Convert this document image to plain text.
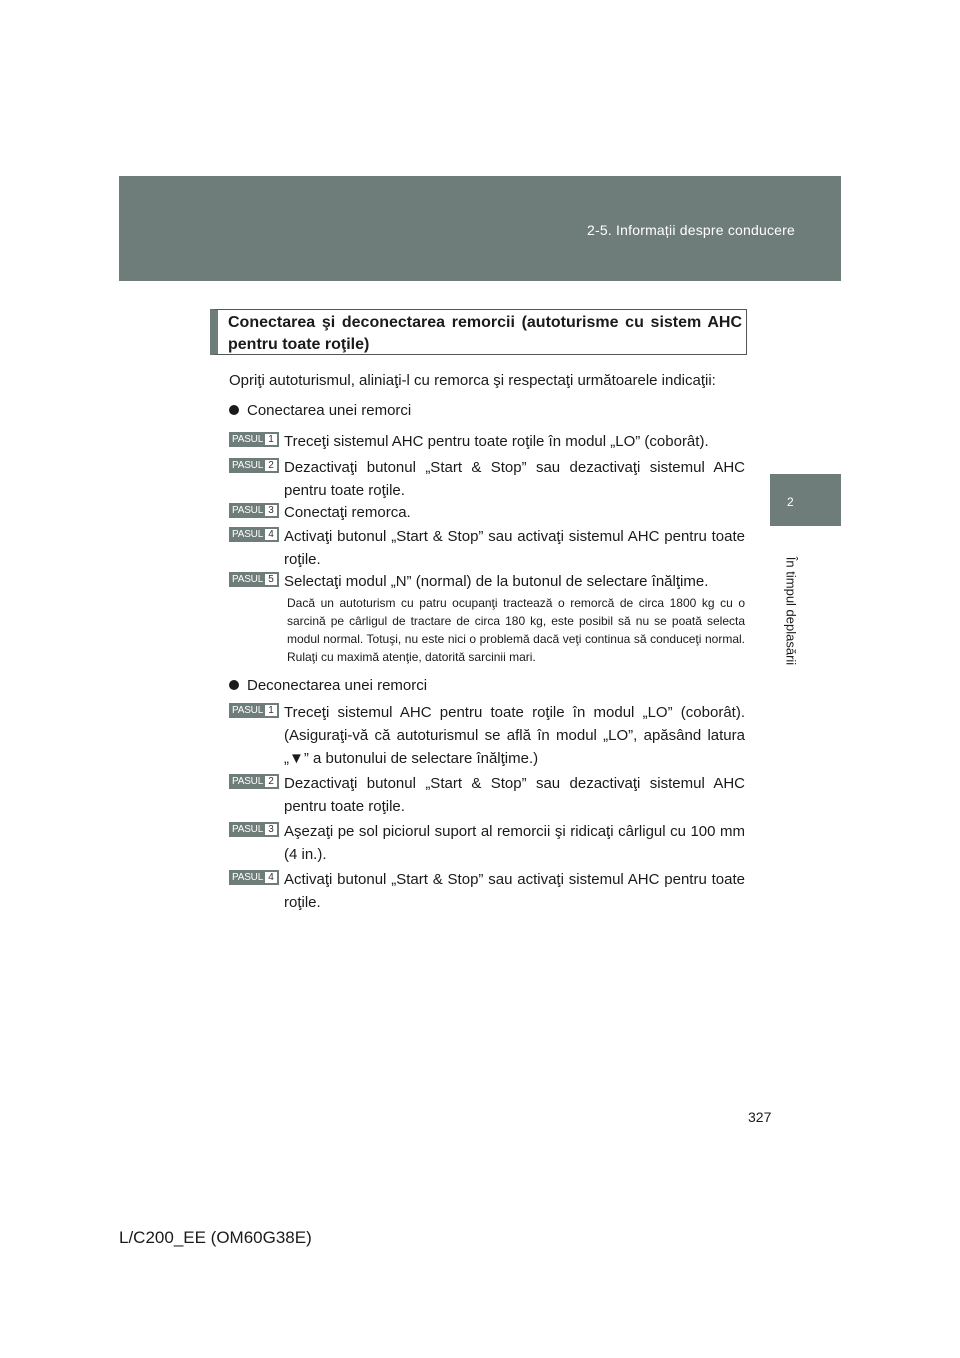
2-5. Informații despre conducere
2
În timpul deplasării
Conectarea şi deconectarea remorcii (autoturisme cu sistem AHC pentru toate roţile)
Opriţi autoturismul, aliniaţi-l cu remorca şi respectaţi următoarele indicaţii:
Conectarea unei remorci
PASUL 1 Treceţi sistemul AHC pentru toate roţile în modul „LO” (coborât).
PASUL 2 Dezactivaţi butonul „Start & Stop” sau dezactivaţi sistemul AHC pentru toate roţile.
PASUL 3 Conectaţi remorca.
PASUL 4 Activaţi butonul „Start & Stop” sau activaţi sistemul AHC pentru toate roţile.
PASUL 5 Selectaţi modul „N” (normal) de la butonul de selectare înălţime.
Dacă un autoturism cu patru ocupanţi tractează o remorcă de circa 1800 kg cu o sarcină pe cârligul de tractare de circa 180 kg, este posibil să nu se poată selecta modul normal. Totuşi, nu este nici o problemă dacă veţi continua să conduceţi normal. Rulaţi cu maximă atenţie, datorită sarcinii mari.
Deconectarea unei remorci
PASUL 1 Treceţi sistemul AHC pentru toate roţile în modul „LO” (coborât). (Asiguraţi-vă că autoturismul se află în modul „LO”, apăsând latura „▼” a butonului de selectare înălţime.)
PASUL 2 Dezactivaţi butonul „Start & Stop” sau dezactivaţi sistemul AHC pentru toate roţile.
PASUL 3 Aşezaţi pe sol piciorul suport al remorcii şi ridicaţi cârligul cu 100 mm (4 in.).
PASUL 4 Activaţi butonul „Start & Stop” sau activaţi sistemul AHC pentru toate roţile.
327
L/C200_EE (OM60G38E)
